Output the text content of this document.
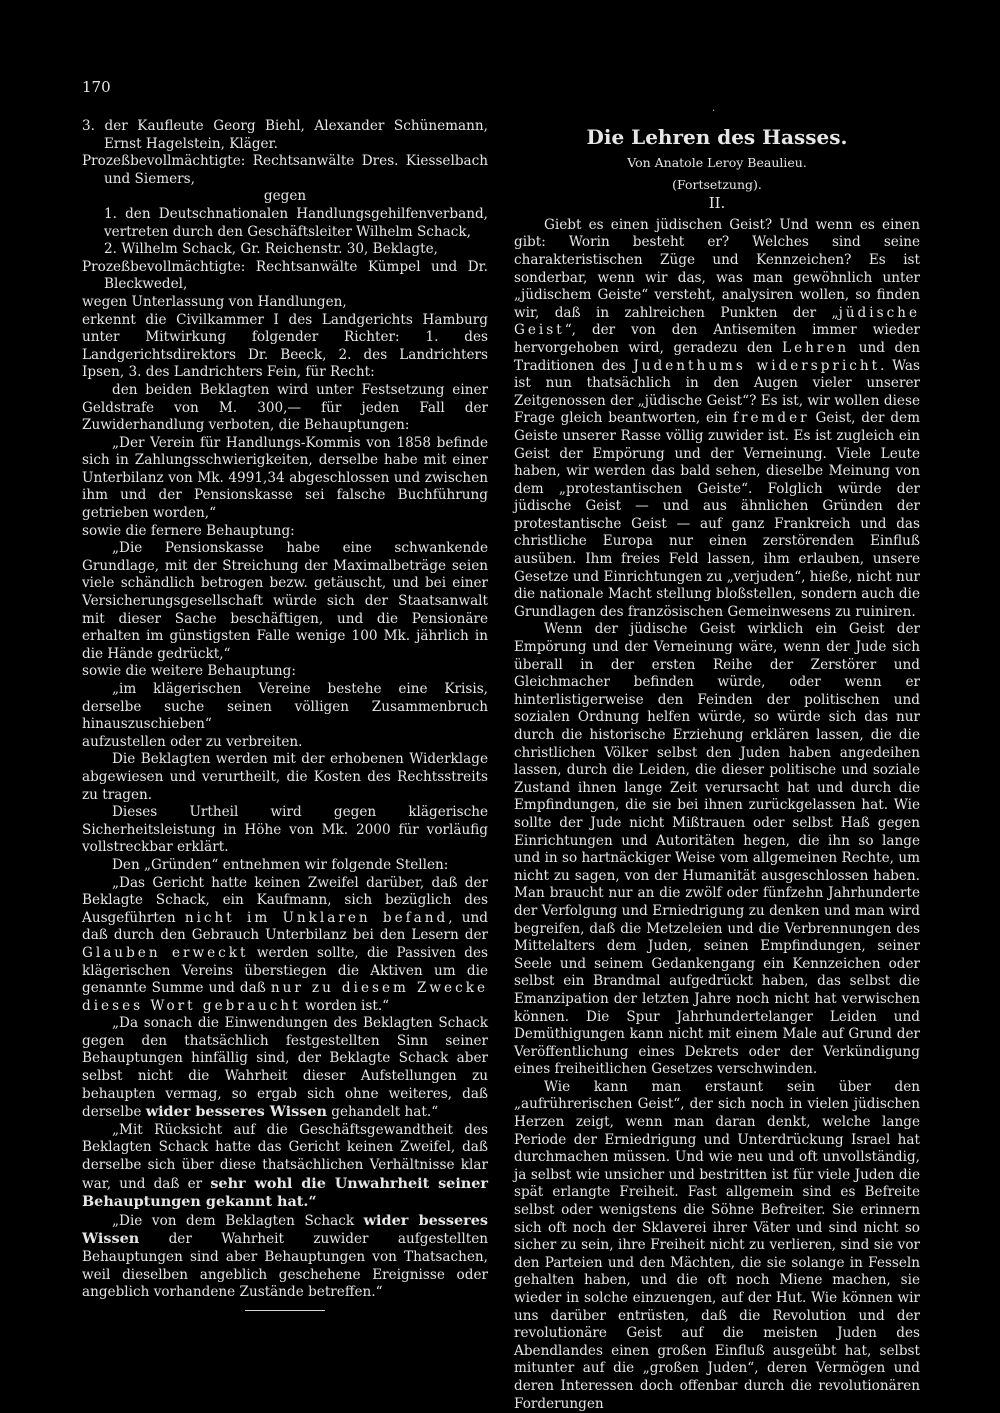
170
.

3. der Kaufleute Georg Biehl, Alexander Schünemann, Ernst Hagelstein, Kläger.

Prozeßbevollmächtigte: Rechtsanwälte Dres. Kiesselbach und Siemers,

gegen

1. den Deutschnationalen Handlungsgehilfenverband, vertreten durch den Geschäftsleiter Wilhelm Schack,

2. Wilhelm Schack, Gr. Reichenstr. 30, Beklagte,

Prozeßbevollmächtigte: Rechtsanwälte Kümpel und Dr. Bleckwedel,

wegen Unterlassung von Handlungen,

erkennt die Civilkammer I des Landgerichts Hamburg unter Mitwirkung folgender Richter: 1. des Landgerichtsdirektors Dr. Beeck, 2. des Landrichters Ipsen, 3. des Landrichters Fein, für Recht:

den beiden Beklagten wird unter Festsetzung einer Geldstrafe von M. 300,— für jeden Fall der Zuwiderhandlung verboten, die Behauptungen:

„Der Verein für Handlungs-Kommis von 1858 befinde sich in Zahlungsschwierigkeiten, derselbe habe mit einer Unterbilanz von Mk. 4991,34 abgeschlossen und zwischen ihm und der Pensionskasse sei falsche Buchführung getrieben worden,“

sowie die fernere Behauptung:

„Die Pensionskasse habe eine schwankende Grundlage, mit der Streichung der Maximalbeträge seien viele schändlich betrogen bezw. getäuscht, und bei einer Versicherungsgesellschaft würde sich der Staatsanwalt mit dieser Sache beschäftigen, und die Pensionäre erhalten im günstigsten Falle wenige 100 Mk. jährlich in die Hände gedrückt,“

sowie die weitere Behauptung:

„im klägerischen Vereine bestehe eine Krisis, derselbe suche seinen völligen Zusammenbruch hinauszuschieben“

aufzustellen oder zu verbreiten.

Die Beklagten werden mit der erhobenen Widerklage abgewiesen und verurtheilt, die Kosten des Rechtsstreits zu tragen.

Dieses Urtheil wird gegen klägerische Sicherheitsleistung in Höhe von Mk. 2000 für vorläufig vollstreckbar erklärt.

Den „Gründen“ entnehmen wir folgende Stellen:

„Das Gericht hatte keinen Zweifel darüber, daß der Beklagte Schack, ein Kaufmann, sich bezüglich des Ausgeführten nicht im Unklaren befand, und daß durch den Gebrauch Unterbilanz bei den Lesern der Glauben erweckt werden sollte, die Passiven des klägerischen Vereins überstiegen die Aktiven um die genannte Summe und daß nur zu diesem Zwecke dieses Wort gebraucht worden ist.“

„Da sonach die Einwendungen des Beklagten Schack gegen den thatsächlich festgestellten Sinn seiner Behauptungen hinfällig sind, der Beklagte Schack aber selbst nicht die Wahrheit dieser Aufstellungen zu behaupten vermag, so ergab sich ohne weiteres, daß derselbe wider besseres Wissen gehandelt hat.“

„Mit Rücksicht auf die Geschäftsgewandtheit des Beklagten Schack hatte das Gericht keinen Zweifel, daß derselbe sich über diese thatsächlichen Verhältnisse klar war, und daß er sehr wohl die Unwahrheit seiner Behauptungen gekannt hat.“

„Die von dem Beklagten Schack wider besseres Wissen der Wahrheit zuwider aufgestellten Behauptungen sind aber Behauptungen von Thatsachen, weil dieselben angeblich geschehene Ereignisse oder angeblich vorhandene Zustände betreffen.“

Die Lehren des Hasses.
Von Anatole Leroy Beaulieu.
(Fortsetzung).
II.

Giebt es einen jüdischen Geist? Und wenn es einen gibt: Worin besteht er? Welches sind seine charakteristischen Züge und Kennzeichen? Es ist sonderbar, wenn wir das, was man gewöhnlich unter „jüdischem Geiste“ versteht, analysiren wollen, so finden wir, daß in zahlreichen Punkten der „jüdische Geist“, der von den Antisemiten immer wieder hervorgehoben wird, geradezu den Lehren und den Traditionen des Judenthums widerspricht. Was ist nun thatsächlich in den Augen vieler unserer Zeitgenossen der „jüdische Geist“? Es ist, wir wollen diese Frage gleich beantworten, ein fremder Geist, der dem Geiste unserer Rasse völlig zuwider ist. Es ist zugleich ein Geist der Empörung und der Verneinung. Viele Leute haben, wir werden das bald sehen, dieselbe Meinung von dem „protestantischen Geiste“. Folglich würde der jüdische Geist — und aus ähnlichen Gründen der protestantische Geist — auf ganz Frankreich und das christliche Europa nur einen zerstörenden Einfluß ausüben. Ihm freies Feld lassen, ihm erlauben, unsere Gesetze und Einrichtungen zu „verjuden“, hieße, nicht nur die nationale Macht stellung bloßstellen, sondern auch die Grundlagen des französischen Gemeinwesens zu ruiniren.

Wenn der jüdische Geist wirklich ein Geist der Empörung und der Verneinung wäre, wenn der Jude sich überall in der ersten Reihe der Zerstörer und Gleichmacher befinden würde, oder wenn er hinterlistigerweise den Feinden der politischen und sozialen Ordnung helfen würde, so würde sich das nur durch die historische Erziehung erklären lassen, die die christlichen Völker selbst den Juden haben angedeihen lassen, durch die Leiden, die dieser politische und soziale Zustand ihnen lange Zeit verursacht hat und durch die Empfindungen, die sie bei ihnen zurückgelassen hat. Wie sollte der Jude nicht Mißtrauen oder selbst Haß gegen Einrichtungen und Autoritäten hegen, die ihn so lange und in so hartnäckiger Weise vom allgemeinen Rechte, um nicht zu sagen, von der Humanität ausgeschlossen haben. Man braucht nur an die zwölf oder fünfzehn Jahrhunderte der Verfolgung und Erniedrigung zu denken und man wird begreifen, daß die Metzeleien und die Verbrennungen des Mittelalters dem Juden, seinen Empfindungen, seiner Seele und seinem Gedankengang ein Kennzeichen oder selbst ein Brandmal aufgedrückt haben, das selbst die Emanzipation der letzten Jahre noch nicht hat verwischen können. Die Spur Jahrhundertelanger Leiden und Demüthigungen kann nicht mit einem Male auf Grund der Veröffentlichung eines Dekrets oder der Verkündigung eines freiheitlichen Gesetzes verschwinden.

Wie kann man erstaunt sein über den „aufrührerischen Geist“, der sich noch in vielen jüdischen Herzen zeigt, wenn man daran denkt, welche lange Periode der Erniedrigung und Unterdrückung Israel hat durchmachen müssen. Und wie neu und oft unvollständig, ja selbst wie unsicher und bestritten ist für viele Juden die spät erlangte Freiheit. Fast allgemein sind es Befreite selbst oder wenigstens die Söhne Befreiter. Sie erinnern sich oft noch der Sklaverei ihrer Väter und sind nicht so sicher zu sein, ihre Freiheit nicht zu verlieren, sind sie vor den Parteien und den Mächten, die sie solange in Fesseln gehalten haben, und die oft noch Miene machen, sie wieder in solche einzuengen, auf der Hut. Wie können wir uns darüber entrüsten, daß die Revolution und der revolutionäre Geist auf die meisten Juden des Abendlandes einen großen Einfluß ausgeübt hat, selbst mitunter auf die „großen Juden“, deren Vermögen und deren Interessen doch offenbar durch die revolutionären Forderungen
